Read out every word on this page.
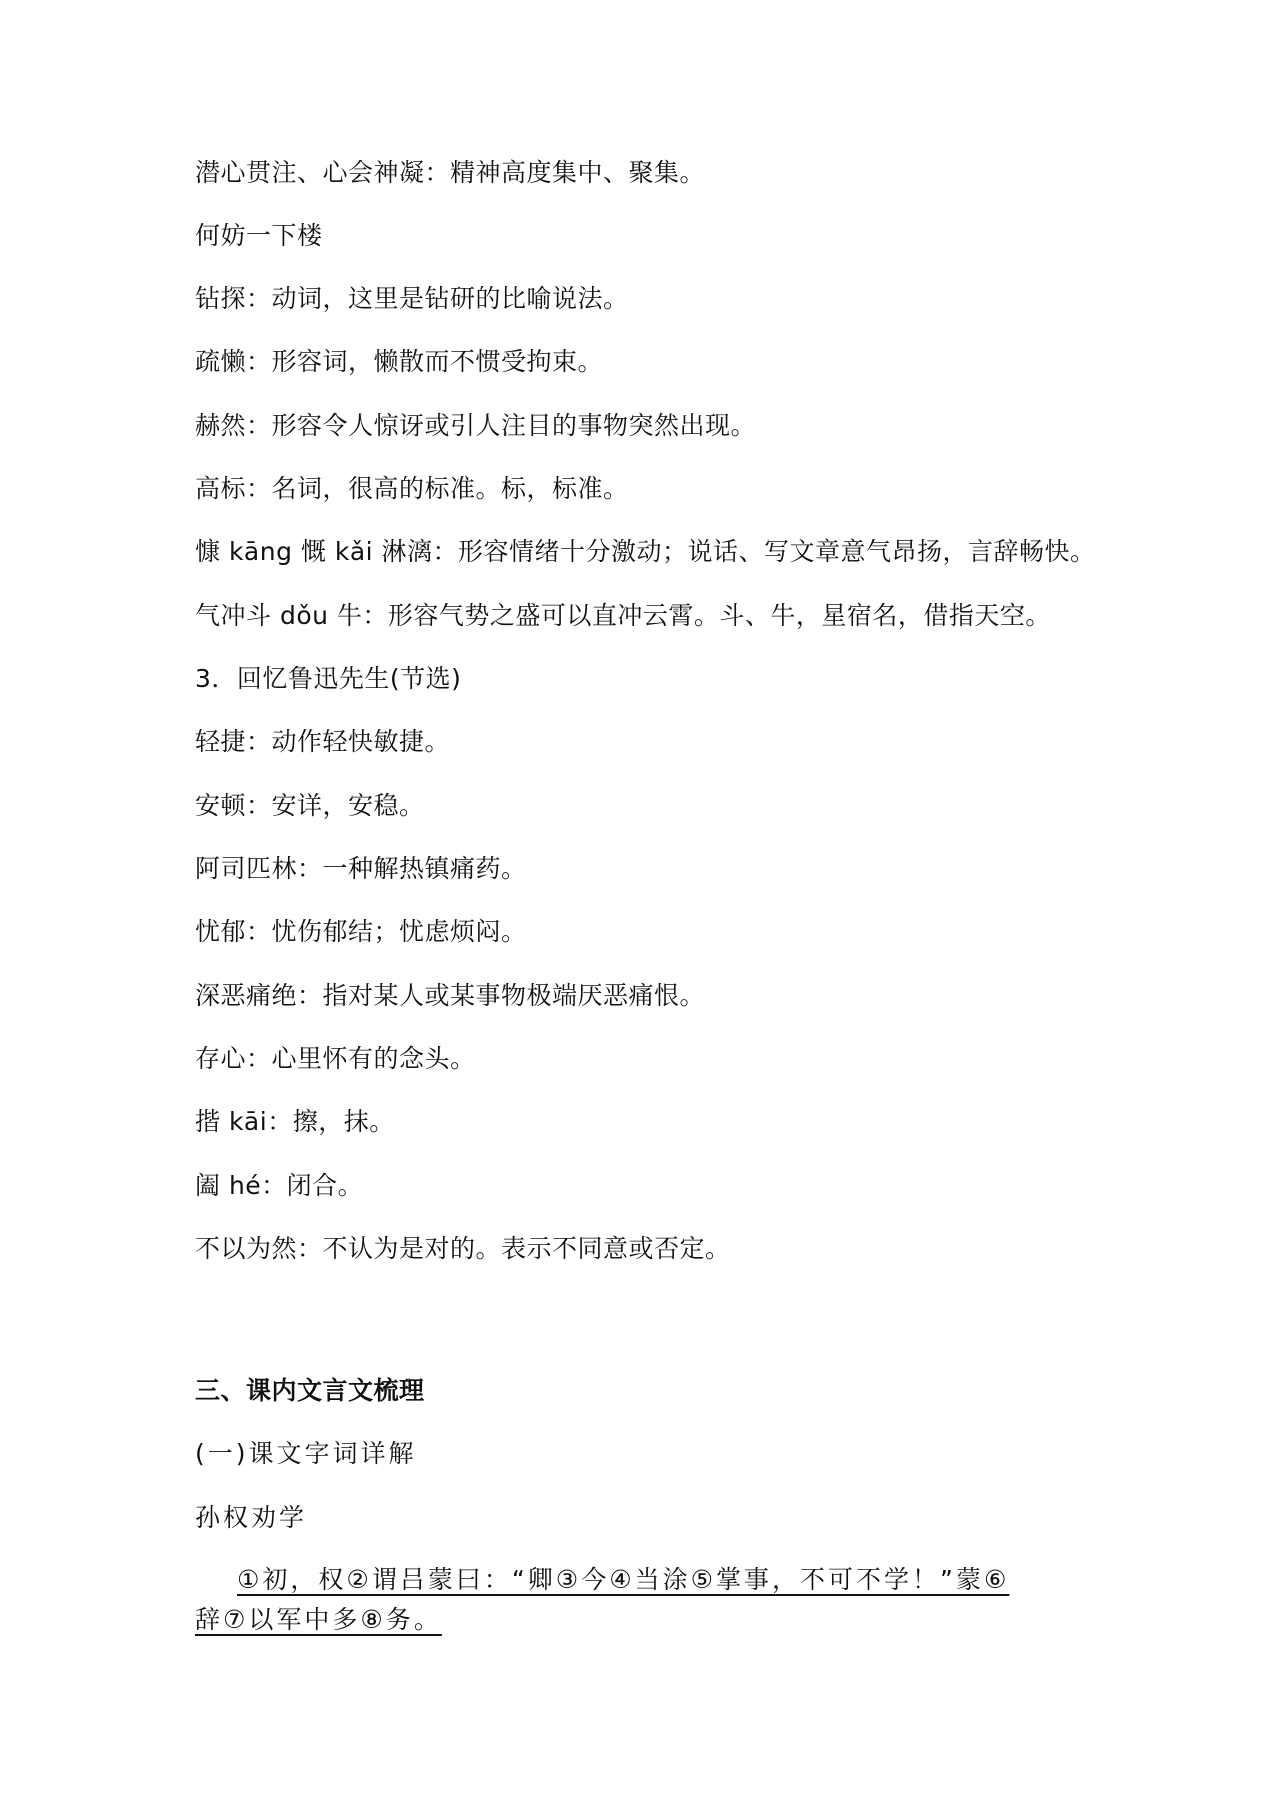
潜心贯注、心会神凝：精神高度集中、聚集。
何妨一下楼
钻探：动词，这里是钻研的比喻说法。
疏懒：形容词，懒散而不惯受拘束。
赫然：形容令人惊讶或引人注目的事物突然出现。
高标：名词，很高的标准。标，标准。
慷 kāng 慨 kǎi 淋漓：形容情绪十分激动；说话、写文章意气昂扬，言辞畅快。
气冲斗 dǒu 牛：形容气势之盛可以直冲云霄。斗、牛，星宿名，借指天空。
3．回忆鲁迅先生(节选)
轻捷：动作轻快敏捷。
安顿：安详，安稳。
阿司匹林：一种解热镇痛药。
忧郁：忧伤郁结；忧虑烦闷。
深恶痛绝：指对某人或某事物极端厌恶痛恨。
存心：心里怀有的念头。
揩 kāi：擦，抹。
阖 hé：闭合。
不以为然：不认为是对的。表示不同意或否定。
三、课内文言文梳理
(一)课文字词详解
孙权劝学
①初，权②谓吕蒙曰：“卿③今④当涂⑤掌事，不可不学！”蒙⑥
辞⑦以军中多⑧务。
